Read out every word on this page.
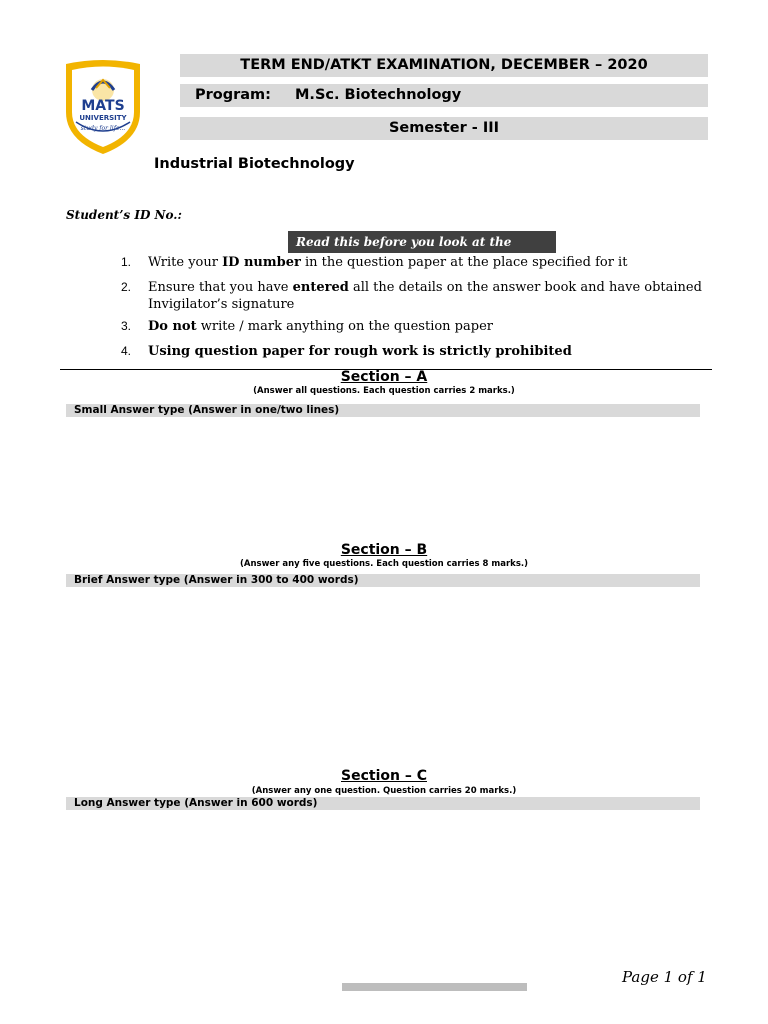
MATS
UNIVERSITY
study for life...
TERM END/ATKT EXAMINATION, DECEMBER – 2020
Program: M.Sc. Biotechnology
Semester - III
Industrial Biotechnology
Student’s ID No.:
Read this before you look at the
1. Write your ID number in the question paper at the place specified for it
2. Ensure that you have entered all the details on the answer book and have obtained Invigilator’s signature
3. Do not write / mark anything on the question paper
4. Using question paper for rough work is strictly prohibited
Section – A
(Answer all questions. Each question carries 2 marks.)
Small Answer type (Answer in one/two lines)
Section – B
(Answer any five questions. Each question carries 8 marks.)
Brief Answer type (Answer in 300 to 400 words)
Section – C
(Answer any one question. Question carries 20 marks.)
Long Answer type (Answer in 600 words)
Page 1 of 1
